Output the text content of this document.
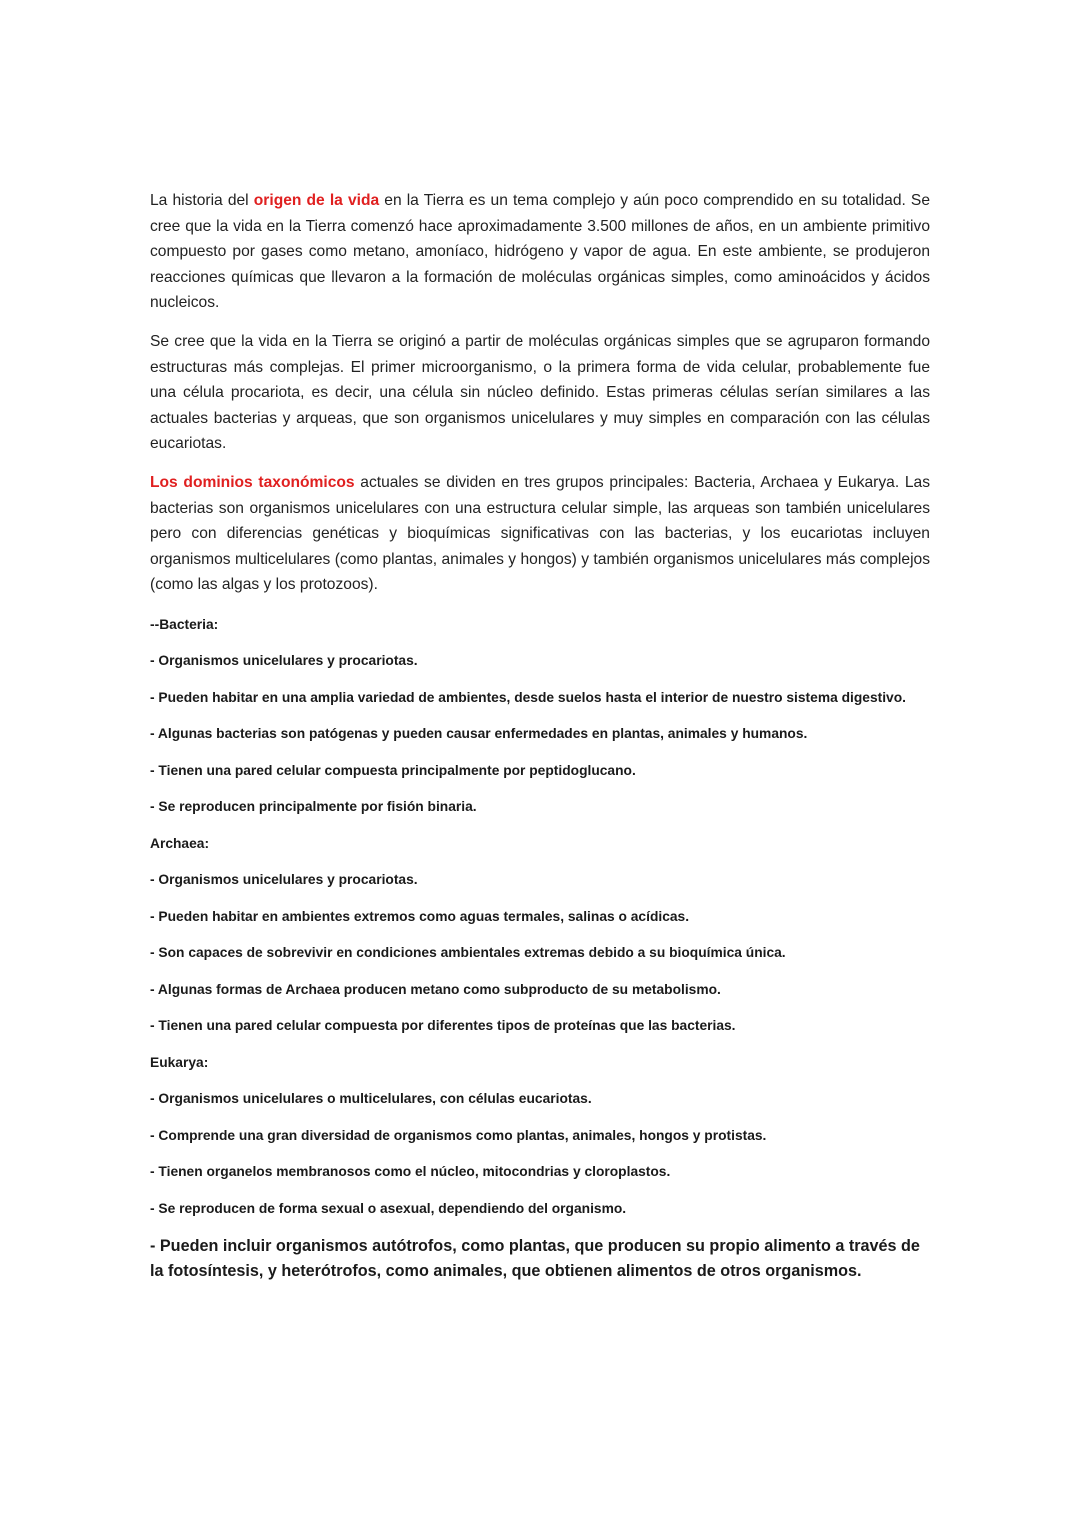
La historia del origen de la vida en la Tierra es un tema complejo y aún poco comprendido en su totalidad. Se cree que la vida en la Tierra comenzó hace aproximadamente 3.500 millones de años, en un ambiente primitivo compuesto por gases como metano, amoníaco, hidrógeno y vapor de agua. En este ambiente, se produjeron reacciones químicas que llevaron a la formación de moléculas orgánicas simples, como aminoácidos y ácidos nucleicos.

Se cree que la vida en la Tierra se originó a partir de moléculas orgánicas simples que se agruparon formando estructuras más complejas. El primer microorganismo, o la primera forma de vida celular, probablemente fue una célula procariota, es decir, una célula sin núcleo definido. Estas primeras células serían similares a las actuales bacterias y arqueas, que son organismos unicelulares y muy simples en comparación con las células eucariotas.

Los dominios taxonómicos actuales se dividen en tres grupos principales: Bacteria, Archaea y Eukarya. Las bacterias son organismos unicelulares con una estructura celular simple, las arqueas son también unicelulares pero con diferencias genéticas y bioquímicas significativas con las bacterias, y los eucariotas incluyen organismos multicelulares (como plantas, animales y hongos) y también organismos unicelulares más complejos (como las algas y los protozoos).

--Bacteria:

- Organismos unicelulares y procariotas.

- Pueden habitar en una amplia variedad de ambientes, desde suelos hasta el interior de nuestro sistema digestivo.

- Algunas bacterias son patógenas y pueden causar enfermedades en plantas, animales y humanos.

- Tienen una pared celular compuesta principalmente por peptidoglucano.

- Se reproducen principalmente por fisión binaria.

Archaea:

- Organismos unicelulares y procariotas.

- Pueden habitar en ambientes extremos como aguas termales, salinas o acídicas.

- Son capaces de sobrevivir en condiciones ambientales extremas debido a su bioquímica única.

- Algunas formas de Archaea producen metano como subproducto de su metabolismo.

- Tienen una pared celular compuesta por diferentes tipos de proteínas que las bacterias.

Eukarya:

- Organismos unicelulares o multicelulares, con células eucariotas.

- Comprende una gran diversidad de organismos como plantas, animales, hongos y protistas.

- Tienen organelos membranosos como el núcleo, mitocondrias y cloroplastos.

- Se reproducen de forma sexual o asexual, dependiendo del organismo.

- Pueden incluir organismos autótrofos, como plantas, que producen su propio alimento a través de la fotosíntesis, y heterótrofos, como animales, que obtienen alimentos de otros organismos.
